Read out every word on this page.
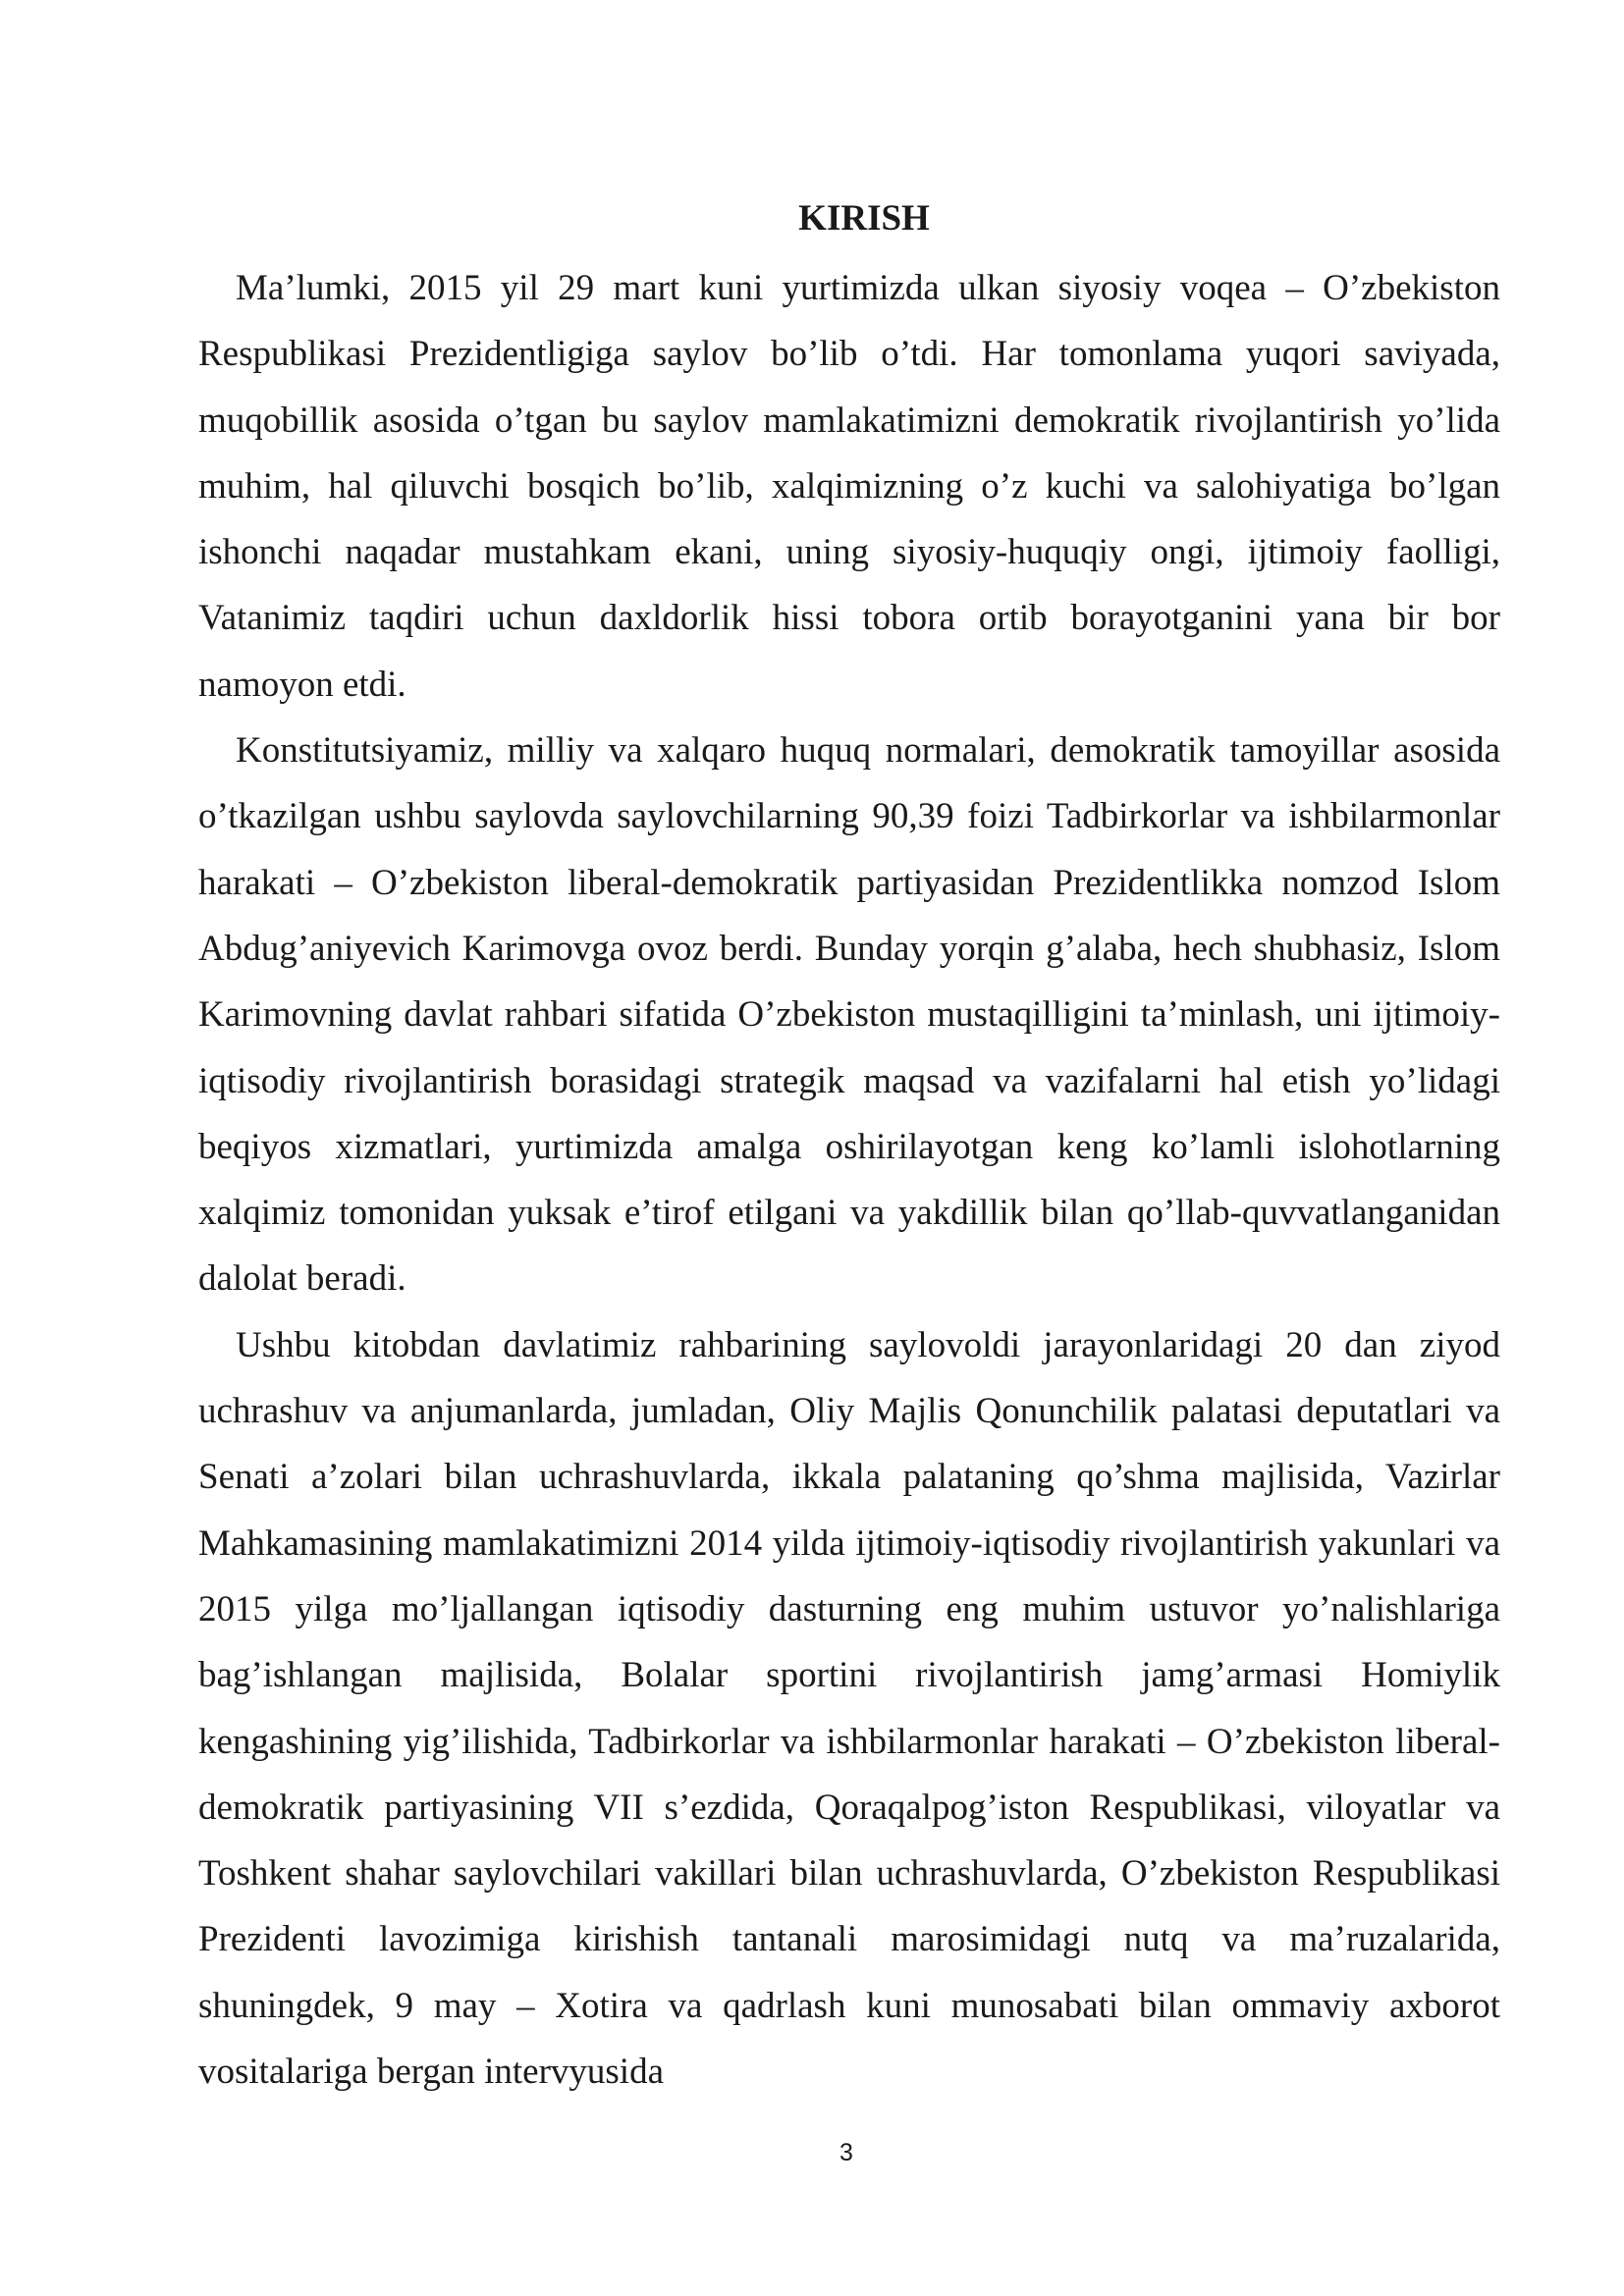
KIRISH

Ma’lumki, 2015 yil 29 mart kuni yurtimizda ulkan siyosiy voqea – O’zbekiston Respublikasi Prezidentligiga saylov bo’lib o’tdi. Har tomonlama yuqori saviyada, muqobillik asosida o’tgan bu saylov mamlakatimizni demokratik rivojlantirish yo’lida muhim, hal qiluvchi bosqich bo’lib, xalqimizning o’z kuchi va salohiyatiga bo’lgan ishonchi naqadar mustahkam ekani, uning siyosiy-huquqiy ongi, ijtimoiy faolligi, Vatanimiz taqdiri uchun daxldorlik hissi tobora ortib borayotganini yana bir bor namoyon etdi.

Konstitutsiyamiz, milliy va xalqaro huquq normalari, demokratik tamoyillar asosida o’tkazilgan ushbu saylovda saylovchilarning 90,39 foizi Tadbirkorlar va ishbilarmonlar harakati – O’zbekiston liberal-demokratik partiyasidan Prezidentlikka nomzod Islom Abdug’aniyevich Karimovga ovoz berdi. Bunday yorqin g’alaba, hech shubhasiz, Islom Karimovning davlat rahbari sifatida O’zbekiston mustaqilligini ta’minlash, uni ijtimoiy-iqtisodiy rivojlantirish borasidagi strategik maqsad va vazifalarni hal etish yo’lidagi beqiyos xizmatlari, yurtimizda amalga oshirilayotgan keng ko’lamli islohotlarning xalqimiz tomonidan yuksak e’tirof etilgani va yakdillik bilan qo’llab-quvvatlanganidan dalolat beradi.

Ushbu kitobdan davlatimiz rahbarining saylovoldi jarayonlaridagi 20 dan ziyod uchrashuv va anjumanlarda, jumladan, Oliy Majlis Qonunchilik palatasi deputatlari va Senati a’zolari bilan uchrashuvlarda, ikkala palataning qo’shma majlisida, Vazirlar Mahkamasining mamlakatimizni 2014 yilda ijtimoiy-iqtisodiy rivojlantirish yakunlari va 2015 yilga mo’ljallangan iqtisodiy dasturning eng muhim ustuvor yo’nalishlariga bag’ishlangan majlisida, Bolalar sportini rivojlantirish jamg’armasi Homiylik kengashining yig’ilishida, Tadbirkorlar va ishbilarmonlar harakati – O’zbekiston liberal-demokratik partiyasining VII s’ezdida, Qoraqalpog’iston Respublikasi, viloyatlar va Toshkent shahar saylovchilari vakillari bilan uchrashuvlarda, O’zbekiston Respublikasi Prezidenti lavozimiga kirishish tantanali marosimidagi nutq va ma’ruzalarida, shuningdek, 9 may – Xotira va qadrlash kuni munosabati bilan ommaviy axborot vositalariga bergan intervyusida

3
